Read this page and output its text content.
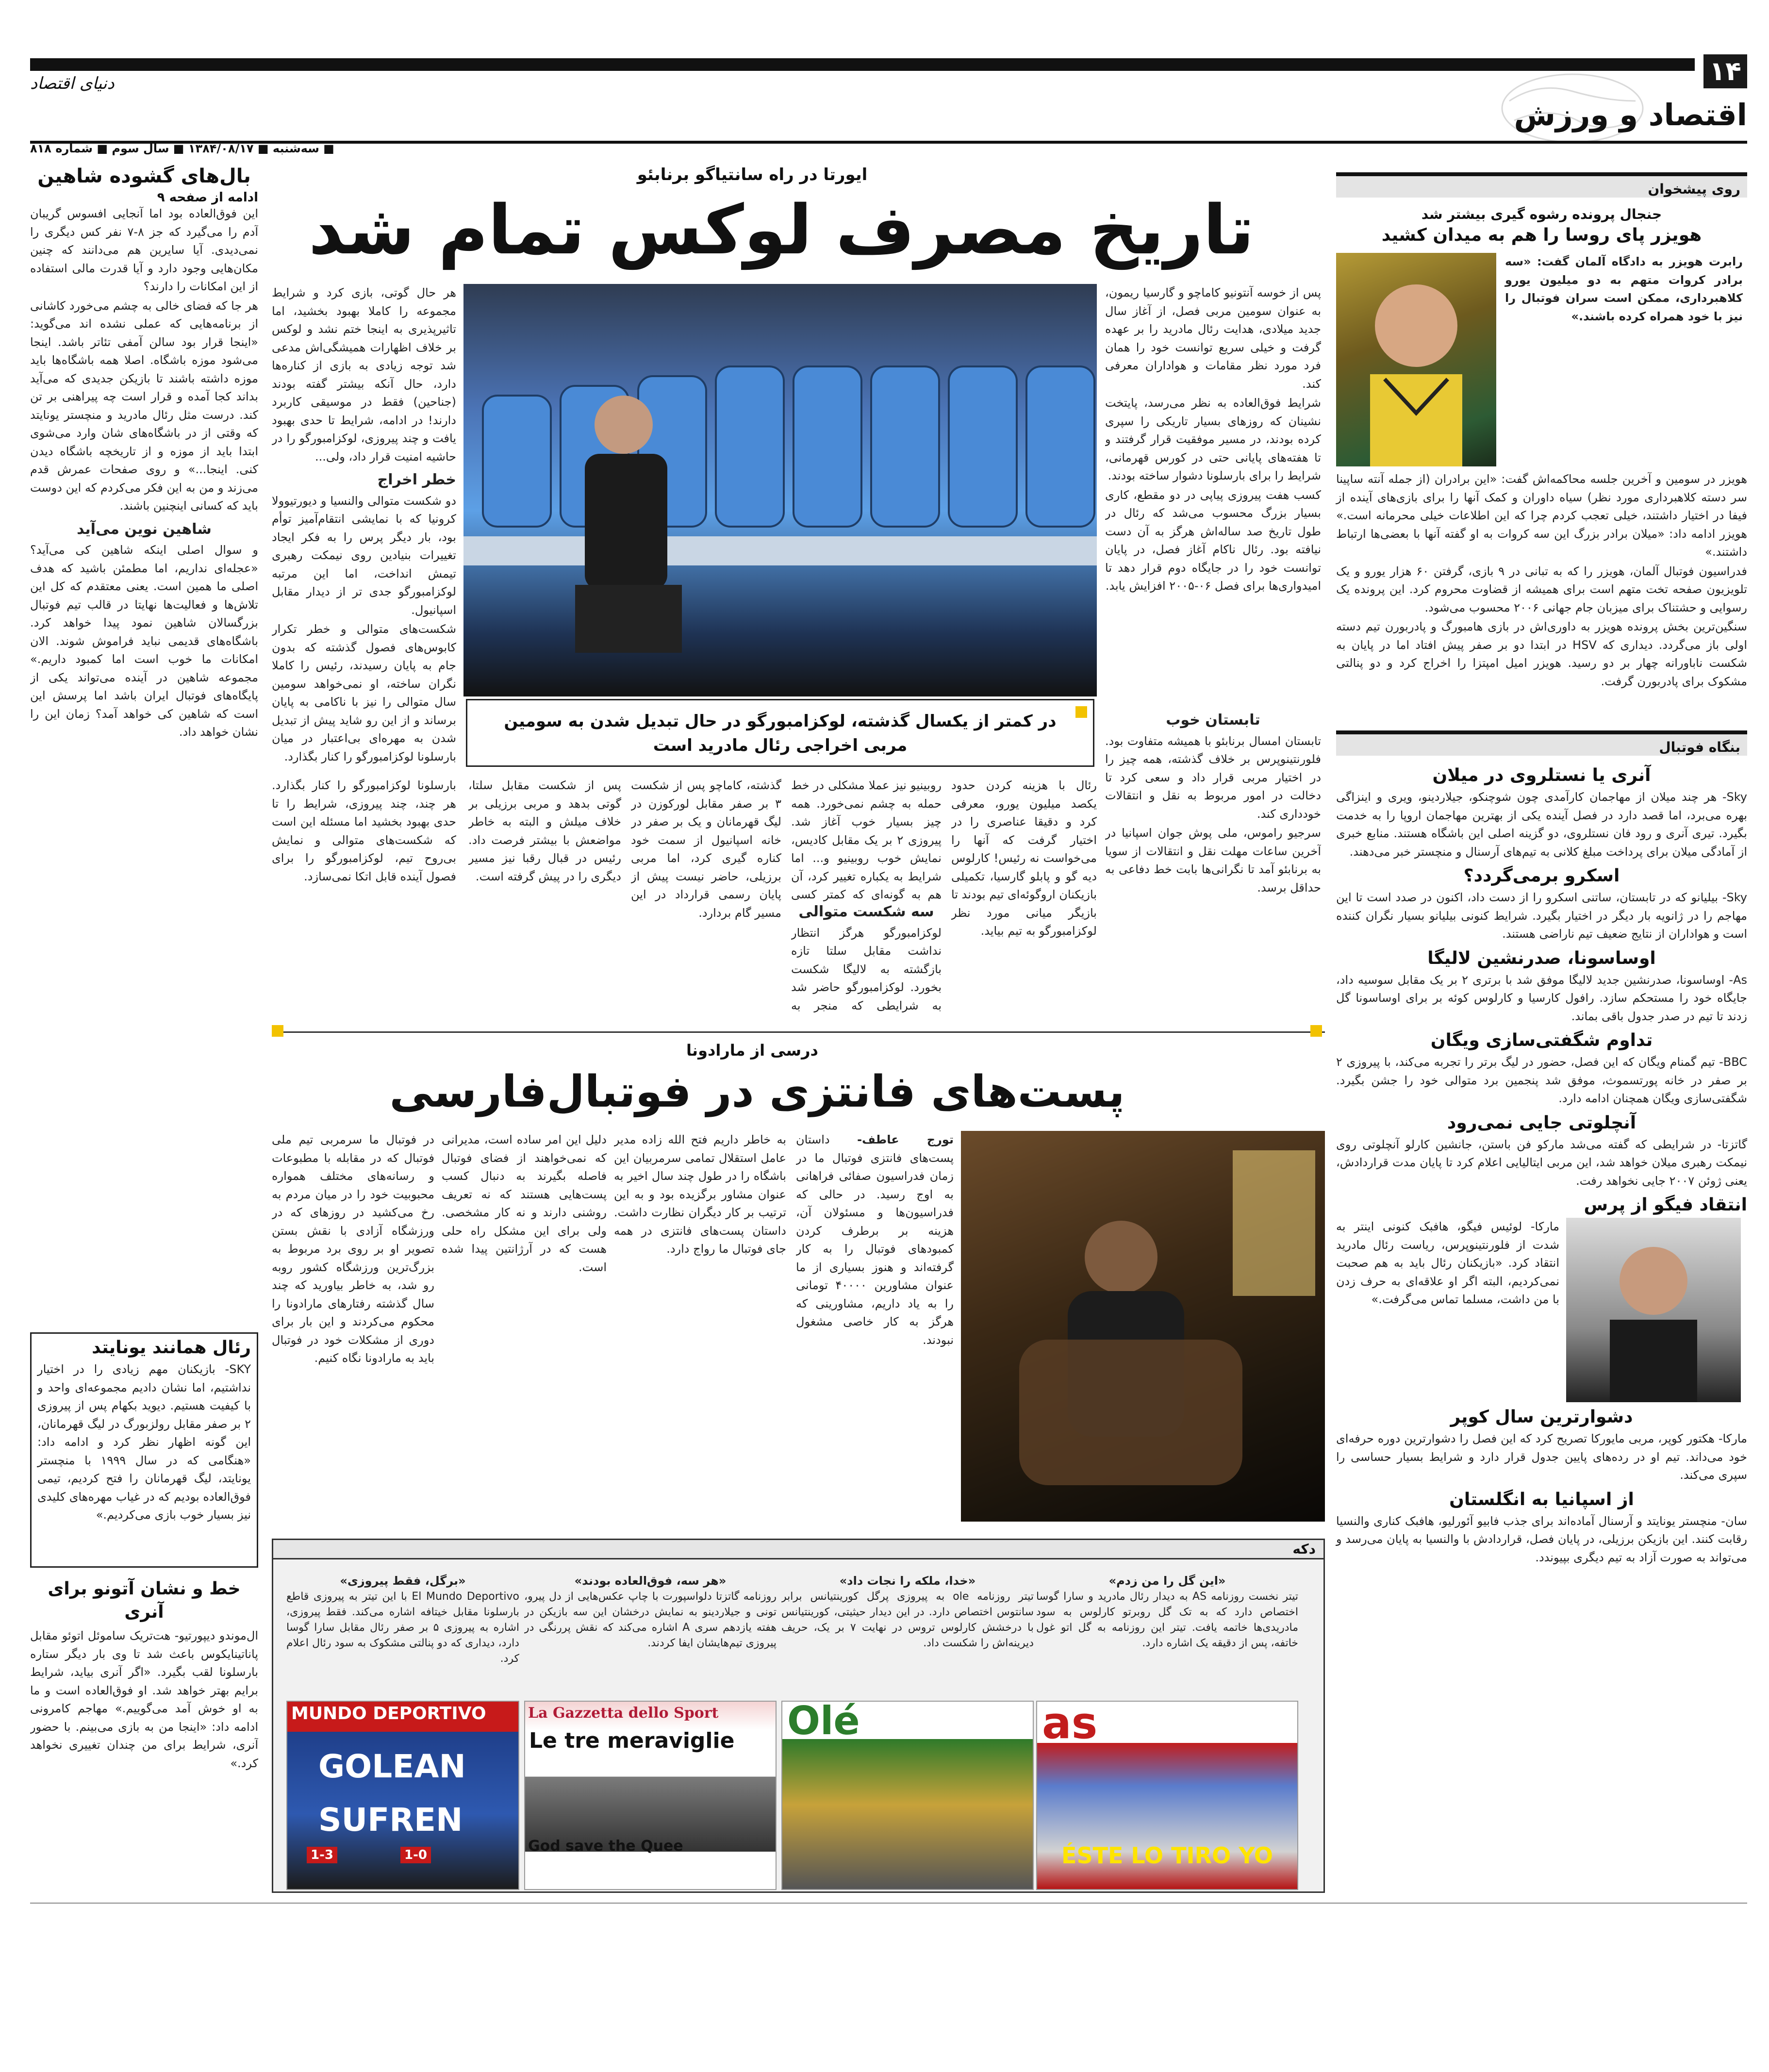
۱۴
دنیای اقتصاد
اقتصاد و ورزش
■ سه‌شنبه ■ ۱۳۸۴/۰۸/۱۷ ■ سال سوم ■ شماره ۸۱۸
روی پیشخوان
جنجال پرونده رشوه گیری بیشتر شد
هویزر پای روسا را هم به میدان کشید
رابرت هویزر به دادگاه آلمان گفت: «سه برادر کروات متهم به دو میلیون یورو کلاهبرداری، ممکن است سران فوتبال را نیز با خود همراه کرده باشند.»

هویزر در سومین و آخرین جلسه محاکمه‌اش گفت: «این برادران (از جمله آنته ساپینا سر دسته کلاهبرداری مورد نظر) سیاه داوران و کمک آنها را برای بازی‌های آینده از فیفا در اختیار داشتند، خیلی تعجب کردم چرا که این اطلاعات خیلی محرمانه است.» هویزر ادامه داد: «میلان برادر بزرگ این سه کروات به او گفته آنها با بعضی‌ها ارتباط داشتند.»

فدراسیون فوتبال آلمان، هویزر را که به تبانی در ۹ بازی، گرفتن ۶۰ هزار یورو و یک تلویزیون صفحه تخت متهم است برای همیشه از قضاوت محروم کرد. این پرونده یک رسوایی و حشتناک برای میزبان جام جهانی ۲۰۰۶ محسوب می‌شود.

سنگین‌ترین بخش پرونده هویزر به داوری‌اش در بازی هامبورگ و پادربورن تیم دسته اولی باز می‌گردد. دیداری که HSV در ابتدا دو بر صفر پیش افتاد اما در پایان به شکست ناباورانه چهار بر دو رسید. هویزر امیل امپتزا را اخراج کرد و دو پنالتی مشکوک برای پادربورن گرفت.

بنگاه فوتبال
آنری یا نستلروی در میلان
Sky- هر چند میلان از مهاجمان کارآمدی چون شوچنکو، جیلاردینو، ویری و اینزاگی بهره می‌برد، اما قصد دارد در فصل آینده یکی از بهترین مهاجمان اروپا را به خدمت بگیرد. تیری آنری و رود فان نستلروی، دو گزینه اصلی این باشگاه هستند. منابع خبری از آمادگی میلان برای پرداخت مبلغ کلانی به تیم‌های آرسنال و منچستر خبر می‌دهند.
اسکرو برمی‌گردد؟
Sky- بیلیانو که در تابستان، ساتنی اسکرو را از دست داد، اکنون در صدد است تا این مهاجم را در ژانویه بار دیگر در اختیار بگیرد. شرایط کنونی بیلیانو بسیار نگران کننده است و هواداران از نتایج ضعیف تیم ناراضی هستند.
اوساسونا، صدرنشین لالیگا
As- اوساسونا، صدرنشین جدید لالیگا موفق شد با برتری ۲ بر یک مقابل سوسیه داد، جایگاه خود را مستحکم سازد. رافول کارسیا و کارلوس کوئه بر برای اوساسونا گل زدند تا تیم در صدر جدول باقی بماند.
تداوم شگفتی‌سازی ویگان
BBC- تیم گمنام ویگان که این فصل، حضور در لیگ برتر را تجربه می‌کند، با پیروزی ۲ بر صفر در خانه پورتسموث، موفق شد پنجمین برد متوالی خود را جشن بگیرد. شگفتی‌سازی ویگان همچنان ادامه دارد.
آنچلوتی جایی نمی‌رود
گاتزتا- در شرایطی که گفته می‌شد مارکو فن باستن، جانشین کارلو آنچلوتی روی نیمکت رهبری میلان خواهد شد، این مربی ایتالیایی اعلام کرد تا پایان مدت قراردادش، یعنی ژوئن ۲۰۰۷ جایی نخواهد رفت.
انتقاد فیگو از پرس
مارکا- لوئیس فیگو، هافبک کنونی اینتر به شدت از فلورنتینوپرس، ریاست رئال مادرید انتقاد کرد. «بازیکنان رئال باید به هم صحبت نمی‌کردیم، البته اگر او علاقه‌ای به حرف زدن با من داشت، مسلما تماس می‌گرفت.»
دشوارترین سال کوپر
مارکا- هکتور کوپر، مربی مایورکا تصریح کرد که این فصل را دشوارترین دوره حرفه‌ای خود می‌داند. تیم او در رده‌های پایین جدول قرار دارد و شرایط بسیار حساسی را سپری می‌کند.
از اسپانیا به انگلستان
سان- منچستر یونایتد و آرسنال آماده‌اند برای جذب فابیو آئورلیو، هافبک کناری والنسیا رقابت کنند. این بازیکن برزیلی، در پایان فصل، قراردادش با والنسیا به پایان می‌رسد و می‌تواند به صورت آزاد به تیم دیگری بپیوندد.
ایورتا در راه سانتیاگو برنابئو
تاریخ مصرف لوکس تمام شد

پس از خوسه آنتونیو کاماچو و گارسیا ریمون، به عنوان سومین مربی فصل، از آغاز سال جدید میلادی، هدایت رئال مادرید را بر عهده گرفت و خیلی سریع توانست خود را همان فرد مورد نظر مقامات و هواداران معرفی کند.

شرایط فوق‌العاده به نظر می‌رسد، پایتخت نشینان که روزهای بسیار تاریکی را سپری کرده بودند، در مسیر موفقیت قرار گرفتند و تا هفته‌های پایانی حتی در کورس قهرمانی، شرایط را برای بارسلونا دشوار ساخته بودند.

کسب هفت پیروزی پیاپی در دو مقطع، کاری بسیار بزرگ محسوب می‌شد که رئال در طول تاریخ صد ساله‌اش هرگز به آن دست نیافته بود. رئال ناکام آغاز فصل، در پایان توانست خود را در جایگاه دوم قرار دهد تا امیدواری‌ها برای فصل ۰۶-۲۰۰۵ افزایش یابد.

هر حال گوتی، بازی کرد و شرایط مجموعه را کاملا بهبود بخشید، اما تاثیرپذیری به اینجا ختم نشد و لوکس بر خلاف اظهارات همیشگی‌اش مدعی شد توجه زیادی به بازی از کناره‌ها دارد، حال آنکه بیشتر گفته بودند (جناحین) فقط در موسیقی کاربرد دارند! در ادامه، شرایط تا حدی بهبود یافت و چند پیروزی، لوکزامبورگو را در حاشیه امنیت قرار داد، ولی...

خطر اخراج

دو شکست متوالی والنسیا و دیورتیوولا کرونیا که با نمایشی انتقام‌آمیز توأم بود، بار دیگر پرس را به فکر ایجاد تغییرات بنیادین روی نیمکت رهبری تیمش انداخت، اما این مرتبه لوکزامبورگو جدی تر از دیدار مقابل اسپانیول.

شکست‌های متوالی و خطر تکرار کابوس‌های فصول گذشته که بدون جام به پایان رسیدند، رئیس را کاملا نگران ساخته، او نمی‌خواهد سومین سال متوالی را نیز با ناکامی به پایان برساند و از این رو شاید پیش از تبدیل شدن به مهره‌ای بی‌اعتبار در میان بارسلونا لوکزامبورگو را کنار بگذارد.

در کمتر از یکسال گذشته، لوکزامبورگو در حال تبدیل شدن به سومین مربی اخراجی رئال مادرید است
تابستان خوب

تابستان امسال برنابئو با همیشه متفاوت بود. فلورنتینوپرس بر خلاف گذشته، همه چیز را در اختیار مربی قرار داد و سعی کرد تا دخالت در امور مربوط به نقل و انتقالات خودداری کند.

سرجیو راموس، ملی پوش جوان اسپانیا در آخرین ساعات مهلت نقل و انتقالات از سویا به برنابئو آمد تا نگرانی‌ها بابت خط دفاعی به حداقل برسد.

رئال با هزینه کردن حدود یکصد میلیون یورو، معرفی کرد و دقیقا عناصری را در اختیار گرفت که آنها را می‌خواست نه رئیس! کارلوس دیه گو و پابلو گارسیا، تکمیلی بازیکنان اروگوئه‌ای تیم بودند تا بازیگر میانی مورد نظر لوکزامبورگو به تیم بیاید.

روبینیو نیز عملا مشکلی در خط حمله به چشم نمی‌خورد. همه چیز بسیار خوب آغاز شد. پیروزی ۲ بر یک مقابل کادیس، نمایش خوب روبینیو و... اما شرایط به یکباره تغییر کرد، آن هم به گونه‌ای که کمتر کسی

سه شکست متوالی

لوکزامبورگو هرگز انتظار نداشت مقابل سلتا تازه بازگشته به لالیگا شکست بخورد. لوکزامبورگو حاضر شد به شرایطی که منجر به

گذشته، کاماچو پس از شکست ۳ بر صفر مقابل لورکوزن در لیگ قهرمانان و یک بر صفر در خانه اسپانیول از سمت خود کناره گیری کرد، اما مربی برزیلی، حاضر نیست پیش از پایان رسمی قرارداد در این مسیر گام بردارد.

پس از شکست مقابل سلتا، گوتی بدهد و مربی برزیلی بر خلاف میلش و البته به خاطر مواضعش با بیشتر فرصت داد. رئیس در قبال رقبا نیز مسیر دیگری را در پیش گرفته است.

بارسلونا لوکزامبورگو را کنار بگذارد. هر چند، چند پیروزی، شرایط را تا حدی بهبود بخشید اما مسئله این است که شکست‌های متوالی و نمایش بی‌روح تیم، لوکزامبورگو را برای فصول آینده قابل اتکا نمی‌سازد.

درسی از مارادونا
پست‌های فانتزی در فوتبال‌فارسی

تورج عاطف- داستان پست‌های فانتزی فوتبال ما در زمان فدراسیون صفائی فراهانی به اوج رسید. در حالی که فدراسیون‌ها و مسئولان آن، هزینه بر برطرف کردن کمبودهای فوتبال را به کار گرفته‌اند و هنوز بسیاری از ما عنوان مشاورین ۴۰۰۰۰ تومانی را به یاد داریم، مشاورینی که هرگز به کار خاصی مشغول نبودند.

به خاطر داریم فتح الله زاده مدیر عامل استقلال تمامی سرمربیان این باشگاه را در طول چند سال اخیر به عنوان مشاور برگزیده بود و به این ترتیب بر کار دیگران نظارت داشت. داستان پست‌های فانتزی در همه جای فوتبال ما رواج دارد.

دلیل این امر ساده است، مدیرانی که نمی‌خواهند از فضای فوتبال فاصله بگیرند به دنبال کسب پست‌هایی هستند که نه تعریف روشنی دارند و نه کار مشخصی. ولی برای این مشکل راه حلی هست که در آرژانتین پیدا شده است.

در فوتبال ما سرمربی تیم ملی فوتبال که در مقابله با مطبوعات و رسانه‌های مختلف همواره محبوبیت خود را در میان مردم به رخ می‌کشید در روزهای که در ورزشگاه آزادی با نقش بستن تصویر او بر روی برد مربوط به بزرگ‌ترین ورزشگاه کشور روبه رو شد، به خاطر بیاورید که چند سال گذشته رفتارهای مارادونا را محکوم می‌کردند و این بار برای دوری از مشکلات خود در فوتبال باید به مارادونا نگاه کنیم.

دکه
«این گل را من زدم»
تیتر نخست روزنامه AS به دیدار رئال مادرید و سارا گوسا اختصاص دارد که به تک گل روبرتو کارلوس به سود مادریدی‌ها خاتمه یافت. تیتر این روزنامه به گل اتو غول خاتفه، پس از دقیقه یک اشاره دارد.
as
ÉSTE LO TIRO YO
«خدا، ملکه را نجات داد»
تیتر روزنامه ole به پیروزی پرگل کورینتیانس برابر سانتوس اختصاص دارد. در این دیدار حیثیتی، کورینتیانس با درخشش کارلوس تروس در نهایت ۷ بر یک، حریف دیرینه‌اش را شکست داد.
Olé
«هر سه، فوق‌العاده بودند»
روزنامه گاتزتا دلواسپورت با چاپ عکس‌هایی از دل پیرو، تونی و جیلاردینو به نمایش درخشان این سه بازیکن در هفته یازدهم سری A اشاره می‌کند که نقش پررنگی در پیروزی تیم‌هایشان ایفا کردند.
La Gazzetta dello Sport
Le tre meraviglie
God save the Quee
«برگل، فقط پیروزی»
El Mundo Deportivo با این تیتر به پیروزی قاطع بارسلونا مقابل خیتافه اشاره می‌کند. فقط پیروزی، اشاره به پیروزی ۵ بر صفر رئال مقابل سارا گوسا دارد، دیداری که دو پنالتی مشکوک به سود رئال اعلام کرد.
MUNDO DEPORTIVO
GOLEAN SUFREN
1-3	1-0
بال‌های گشوده شاهین
ادامه از صفحه ۹

این فوق‌العاده بود اما آنجایی افسوس گریبان آدم را می‌گیرد که جز ۸-۷ نفر کس دیگری را نمی‌دیدی. آیا سایرین هم می‌دانند که چنین مکان‌هایی وجود دارد و آیا قدرت مالی استفاده از این امکانات را دارند؟

هر جا که فضای خالی به چشم می‌خورد کاشانی از برنامه‌هایی که عملی نشده اند می‌گوید: «اینجا قرار بود سالن آمفی تئاتر باشد. اینجا می‌شود موزه باشگاه. اصلا همه باشگاه‌ها باید موزه داشته باشند تا بازیکن جدیدی که می‌آید بداند کجا آمده و قرار است چه پیراهنی بر تن کند. درست مثل رئال مادرید و منچستر یونایتد که وقتی از در باشگاه‌های شان وارد می‌شوی ابتدا باید از موزه و از تاریخچه باشگاه دیدن کنی. اینجا...» و روی صفحات عمرش قدم می‌زند و من به این فکر می‌کردم که این دوست باید که کسانی اینچنین باشند.

شاهین نوین می‌آید

و سوال اصلی اینکه شاهین کی می‌آید؟ «عجله‌ای نداریم، اما مطمئن باشید که هدف اصلی ما همین است. یعنی معتقدم که کل این تلاش‌ها و فعالیت‌ها نهایتا در قالب تیم فوتبال بزرگسالان شاهین نمود پیدا خواهد کرد. باشگاه‌های قدیمی نباید فراموش شوند. الان امکانات ما خوب است اما کمبود داریم.» مجموعه شاهین در آینده می‌تواند یکی از پایگاه‌های فوتبال ایران باشد اما پرسش این است که شاهین کی خواهد آمد؟ زمان این را نشان خواهد داد.

رئال همانند یونایتد
SKY- بازیکنان مهم زیادی را در اختیار نداشتیم، اما نشان دادیم مجموعه‌ای واحد و با کیفیت هستیم. دیوید بکهام پس از پیروزی ۲ بر صفر مقابل رولزبورگ در لیگ قهرمانان، این گونه اظهار نظر کرد و ادامه داد: «هنگامی که در سال ۱۹۹۹ با منچستر یونایتد، لیگ قهرمانان را فتح کردیم، تیمی فوق‌العاده بودیم که در غیاب مهره‌های کلیدی نیز بسیار خوب بازی می‌کردیم.»
خط و نشان آتونو برای آنری
ال‌موندو دیپورتیو- هت‌تریک ساموئل اتوئو مقابل پاناتینایکوس باعث شد تا وی بار دیگر ستاره بارسلونا لقب بگیرد. «اگر آنری بیاید، شرایط برایم بهتر خواهد شد. او فوق‌العاده است و ما به او خوش آمد می‌گوییم.» مهاجم کامرونی ادامه داد: «اینجا من به بازی می‌بینم. با حضور آنری، شرایط برای من چندان تغییری نخواهد کرد.»
